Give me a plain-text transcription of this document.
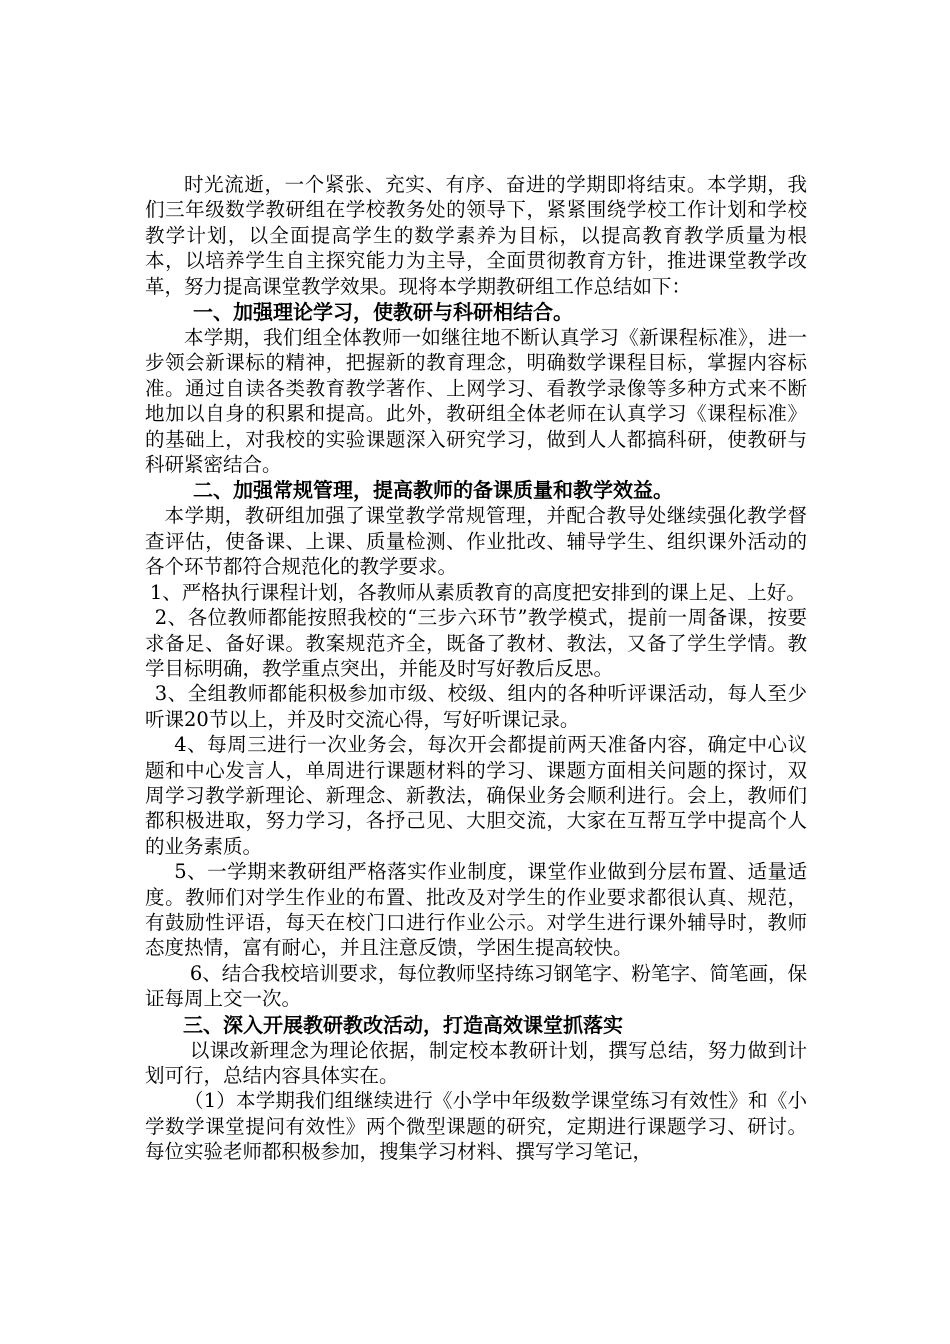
时光流逝，一个紧张、充实、有序、奋进的学期即将结束。本学期，我们三年级数学教研组在学校教务处的领导下，紧紧围绕学校工作计划和学校教学计划，以全面提高学生的数学素养为目标，以提高教育教学质量为根本，以培养学生自主探究能力为主导，全面贯彻教育方针，推进课堂教学改革，努力提高课堂教学效果。现将本学期教研组工作总结如下：

一、加强理论学习，使教研与科研相结合。

本学期，我们组全体教师一如继往地不断认真学习《新课程标准》，进一步领会新课标的精神，把握新的教育理念，明确数学课程目标，掌握内容标准。通过自读各类教育教学著作、上网学习、看教学录像等多种方式来不断地加以自身的积累和提高。此外，教研组全体老师在认真学习《课程标准》的基础上，对我校的实验课题深入研究学习，做到人人都搞科研，使教研与科研紧密结合。

二、加强常规管理，提高教师的备课质量和教学效益。

本学期，教研组加强了课堂教学常规管理，并配合教导处继续强化教学督查评估，使备课、上课、质量检测、作业批改、辅导学生、组织课外活动的各个环节都符合规范化的教学要求。

1、严格执行课程计划，各教师从素质教育的高度把安排到的课上足、上好。

2、各位教师都能按照我校的“三步六环节”教学模式，提前一周备课，按要求备足、备好课。教案规范齐全，既备了教材、教法，又备了学生学情。教学目标明确，教学重点突出，并能及时写好教后反思。

3、全组教师都能积极参加市级、校级、组内的各种听评课活动，每人至少听课20节以上，并及时交流心得，写好听课记录。

4、每周三进行一次业务会，每次开会都提前两天准备内容，确定中心议题和中心发言人，单周进行课题材料的学习、课题方面相关问题的探讨，双周学习教学新理论、新理念、新教法，确保业务会顺利进行。会上，教师们都积极进取，努力学习，各抒己见、大胆交流，大家在互帮互学中提高个人的业务素质。

5、一学期来教研组严格落实作业制度，课堂作业做到分层布置、适量适度。教师们对学生作业的布置、批改及对学生的作业要求都很认真、规范，有鼓励性评语，每天在校门口进行作业公示。对学生进行课外辅导时，教师态度热情，富有耐心，并且注意反馈，学困生提高较快。

6、结合我校培训要求，每位教师坚持练习钢笔字、粉笔字、简笔画，保证每周上交一次。

三、深入开展教研教改活动，打造高效课堂抓落实

以课改新理念为理论依据，制定校本教研计划，撰写总结，努力做到计划可行，总结内容具体实在。

（1）本学期我们组继续进行《小学中年级数学课堂练习有效性》和《小学数学课堂提问有效性》两个微型课题的研究，定期进行课题学习、研讨。每位实验老师都积极参加，搜集学习材料、撰写学习笔记，
